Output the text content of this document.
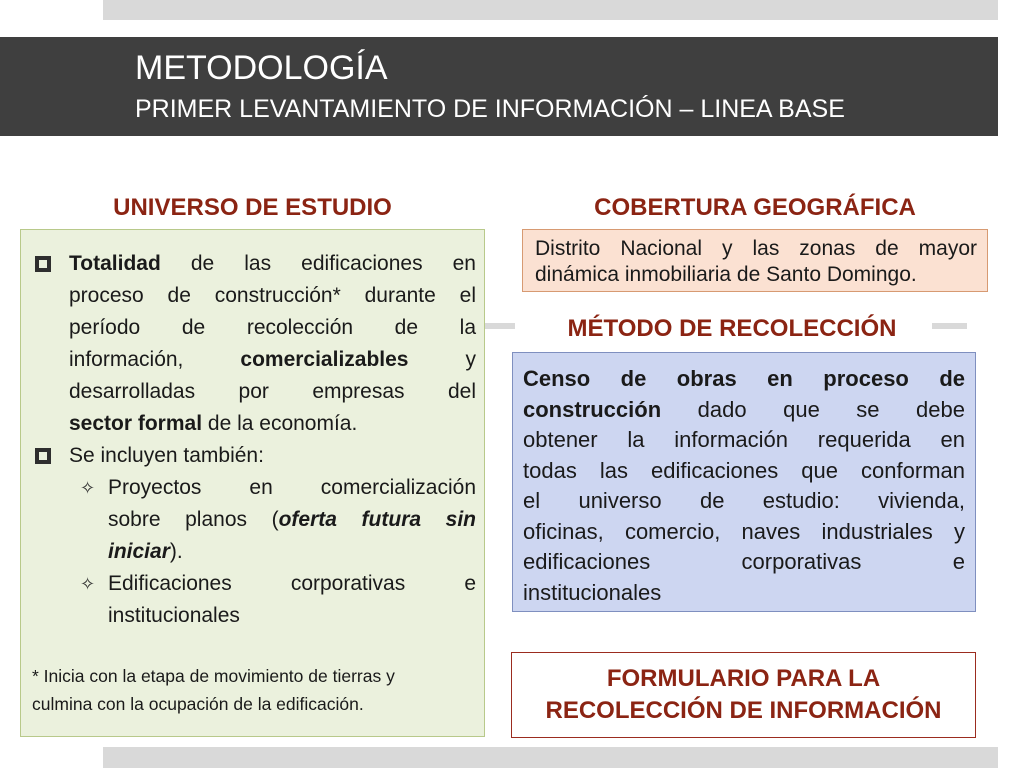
METODOLOGÍA
PRIMER LEVANTAMIENTO DE INFORMACIÓN – LINEA BASE
UNIVERSO DE ESTUDIO	COBERTURA GEOGRÁFICA
MÉTODO DE RECOLECCIÓN
Totalidad de las edificaciones en
proceso de construcción* durante el
período de recolección de la
información,	comercializables	y
desarrolladas por empresas del
sector formal de la economía.
Se incluyen también:
✧ Proyectos en comercialización
sobre planos (oferta futura sin
iniciar).
✧ Edificaciones corporativas e
institucionales
* Inicia con la etapa de movimiento de tierras y
culmina con la ocupación de la edificación.
Distrito Nacional y las zonas de mayor
dinámica inmobiliaria de Santo Domingo.
Censo de obras en proceso de
construcción dado que se debe
obtener la información requerida en
todas las edificaciones que conforman
el universo de estudio: vivienda,
oficinas, comercio, naves industriales y
edificaciones corporativas e
institucionales
FORMULARIO PARA LA
RECOLECCIÓN DE INFORMACIÓN
